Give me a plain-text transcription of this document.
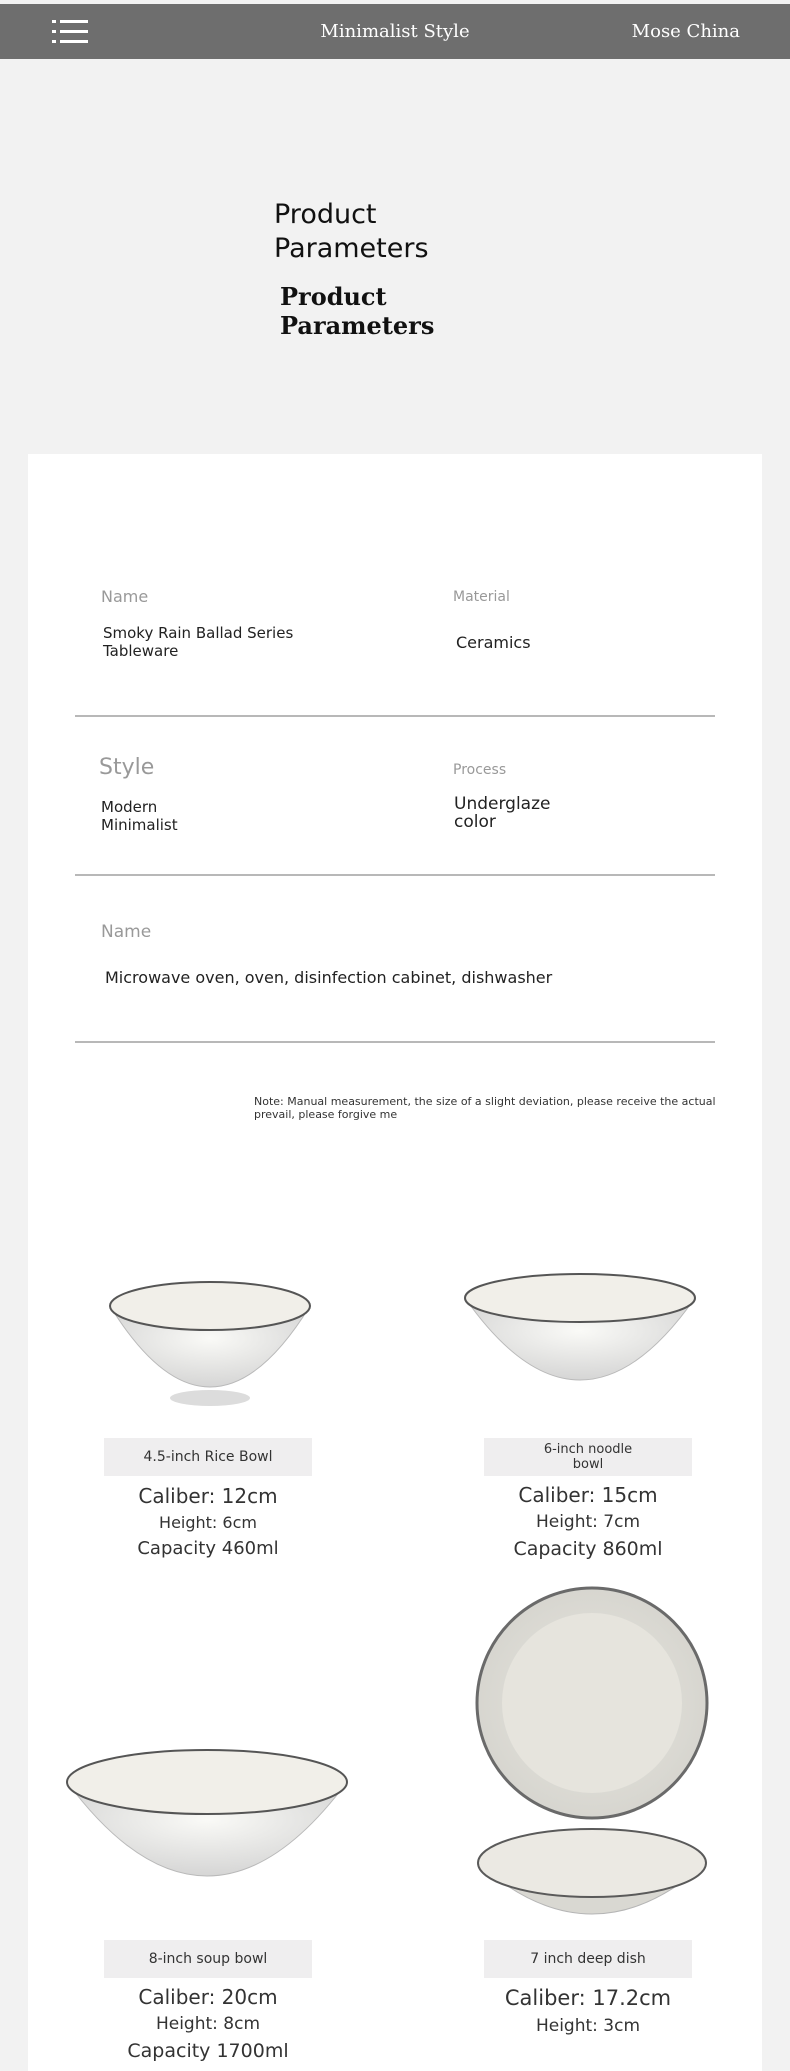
Minimalist Style	Mose China
Product
Parameters
Product Parameters
Name
Smoky Rain Ballad Series
Tableware
Material
Ceramics
Style
Modern
Minimalist
Process
Underglaze
color
Name
Microwave oven, oven, disinfection cabinet, dishwasher
Note: Manual measurement, the size of a slight deviation, please receive the actual
prevail, please forgive me
4.5-inch Rice Bowl
Caliber: 12cm
Height: 6cm
Capacity 460ml
6-inch noodle
bowl
Caliber: 15cm
Height: 7cm
Capacity 860ml
8-inch soup bowl
Caliber: 20cm
Height: 8cm
Capacity 1700ml
7 inch deep dish
Caliber: 17.2cm
Height: 3cm
